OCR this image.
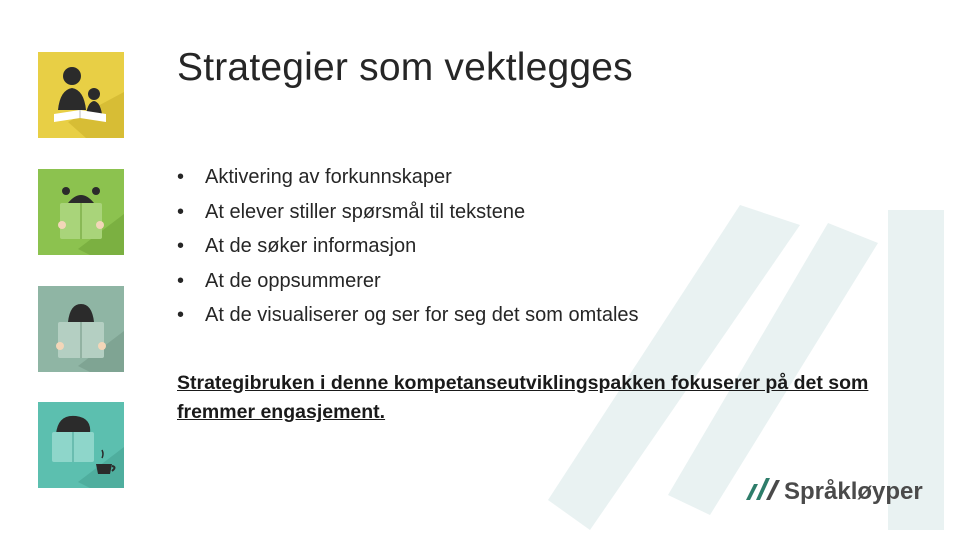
Strategier som vektlegges
• Aktivering av forkunnskaper
• At elever stiller spørsmål til tekstene
• At de søker informasjon
• At de oppsummerer
• At de visualiserer og ser for seg det som omtales

Strategibruken i denne kompetanseutviklingspakken fokuserer på det som fremmer engasjement.

Språkløyper
